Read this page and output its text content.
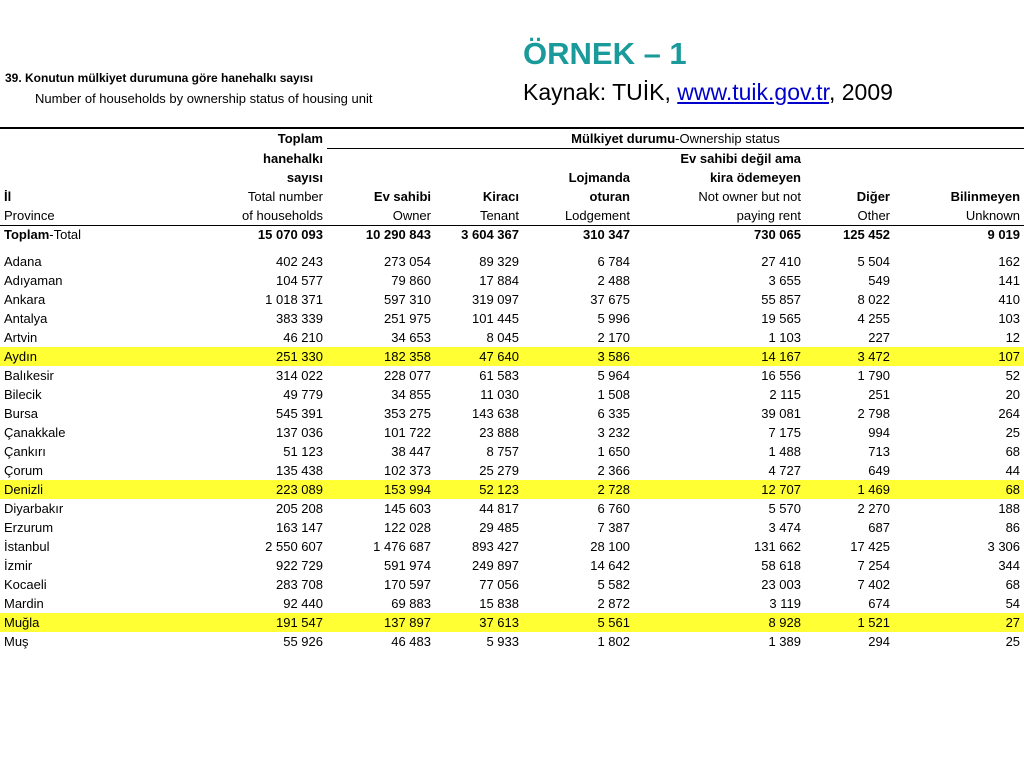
ÖRNEK – 1
Kaynak: TUİK, www.tuik.gov.tr, 2009
39. Konutun mülkiyet durumuna göre hanehalkı sayısı
Number of households by ownership status of housing unit
	Toplam	Mülkiyet durumu-Ownership status					
	hanehalkı				Ev sahibi değil ama		
	sayısı			Lojmanda	kira ödemeyen		
İl	Total number	Ev sahibi	Kiracı	oturan	Not owner but not	Diğer	Bilinmeyen
Province	of households	Owner	Tenant	Lodgement	paying rent	Other	Unknown
Toplam-Total	15 070 093	10 290 843	3 604 367	310 347	730 065	125 452	9 019

Adana	402 243	273 054	89 329	6 784	27 410	5 504	162
Adıyaman	104 577	79 860	17 884	2 488	3 655	549	141
Ankara	1 018 371	597 310	319 097	37 675	55 857	8 022	410
Antalya	383 339	251 975	101 445	5 996	19 565	4 255	103
Artvin	46 210	34 653	8 045	2 170	1 103	227	12
Aydın	251 330	182 358	47 640	3 586	14 167	3 472	107
Balıkesir	314 022	228 077	61 583	5 964	16 556	1 790	52
Bilecik	49 779	34 855	11 030	1 508	2 115	251	20
Bursa	545 391	353 275	143 638	6 335	39 081	2 798	264
Çanakkale	137 036	101 722	23 888	3 232	7 175	994	25
Çankırı	51 123	38 447	8 757	1 650	1 488	713	68
Çorum	135 438	102 373	25 279	2 366	4 727	649	44
Denizli	223 089	153 994	52 123	2 728	12 707	1 469	68
Diyarbakır	205 208	145 603	44 817	6 760	5 570	2 270	188
Erzurum	163 147	122 028	29 485	7 387	3 474	687	86
İstanbul	2 550 607	1 476 687	893 427	28 100	131 662	17 425	3 306
İzmir	922 729	591 974	249 897	14 642	58 618	7 254	344
Kocaeli	283 708	170 597	77 056	5 582	23 003	7 402	68
Mardin	92 440	69 883	15 838	2 872	3 119	674	54
Muğla	191 547	137 897	37 613	5 561	8 928	1 521	27
Muş	55 926	46 483	5 933	1 802	1 389	294	25
